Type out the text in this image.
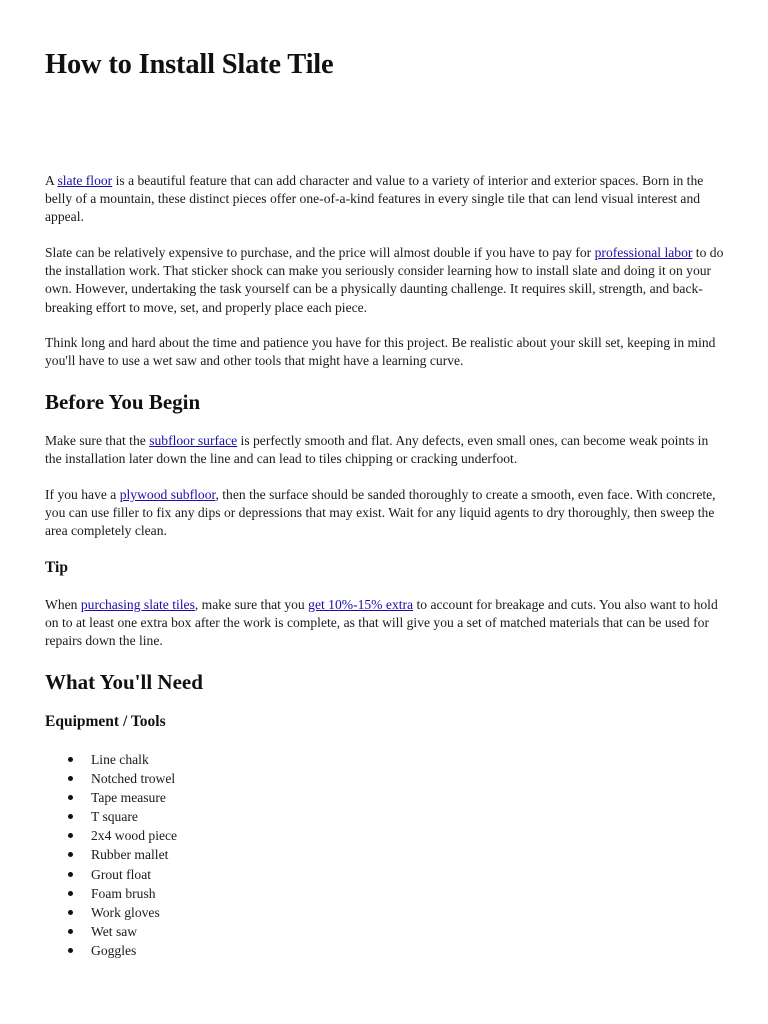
How to Install Slate Tile

A slate floor is a beautiful feature that can add character and value to a variety of interior and exterior spaces. Born in the belly of a mountain, these distinct pieces offer one-of-a-kind features in every single tile that can lend visual interest and appeal.

Slate can be relatively expensive to purchase, and the price will almost double if you have to pay for professional labor to do the installation work. That sticker shock can make you seriously consider learning how to install slate and doing it on your own. However, undertaking the task yourself can be a physically daunting challenge. It requires skill, strength, and back-breaking effort to move, set, and properly place each piece.

Think long and hard about the time and patience you have for this project. Be realistic about your skill set, keeping in mind you'll have to use a wet saw and other tools that might have a learning curve.

Before You Begin

Make sure that the subfloor surface is perfectly smooth and flat. Any defects, even small ones, can become weak points in the installation later down the line and can lead to tiles chipping or cracking underfoot.

If you have a plywood subfloor, then the surface should be sanded thoroughly to create a smooth, even face. With concrete, you can use filler to fix any dips or depressions that may exist. Wait for any liquid agents to dry thoroughly, then sweep the area completely clean.

Tip

When purchasing slate tiles, make sure that you get 10%-15% extra to account for breakage and cuts. You also want to hold on to at least one extra box after the work is complete, as that will give you a set of matched materials that can be used for repairs down the line.

What You'll Need
Equipment / Tools
Line chalk
Notched trowel
Tape measure
T square
2x4 wood piece
Rubber mallet
Grout float
Foam brush
Work gloves
Wet saw
Goggles
